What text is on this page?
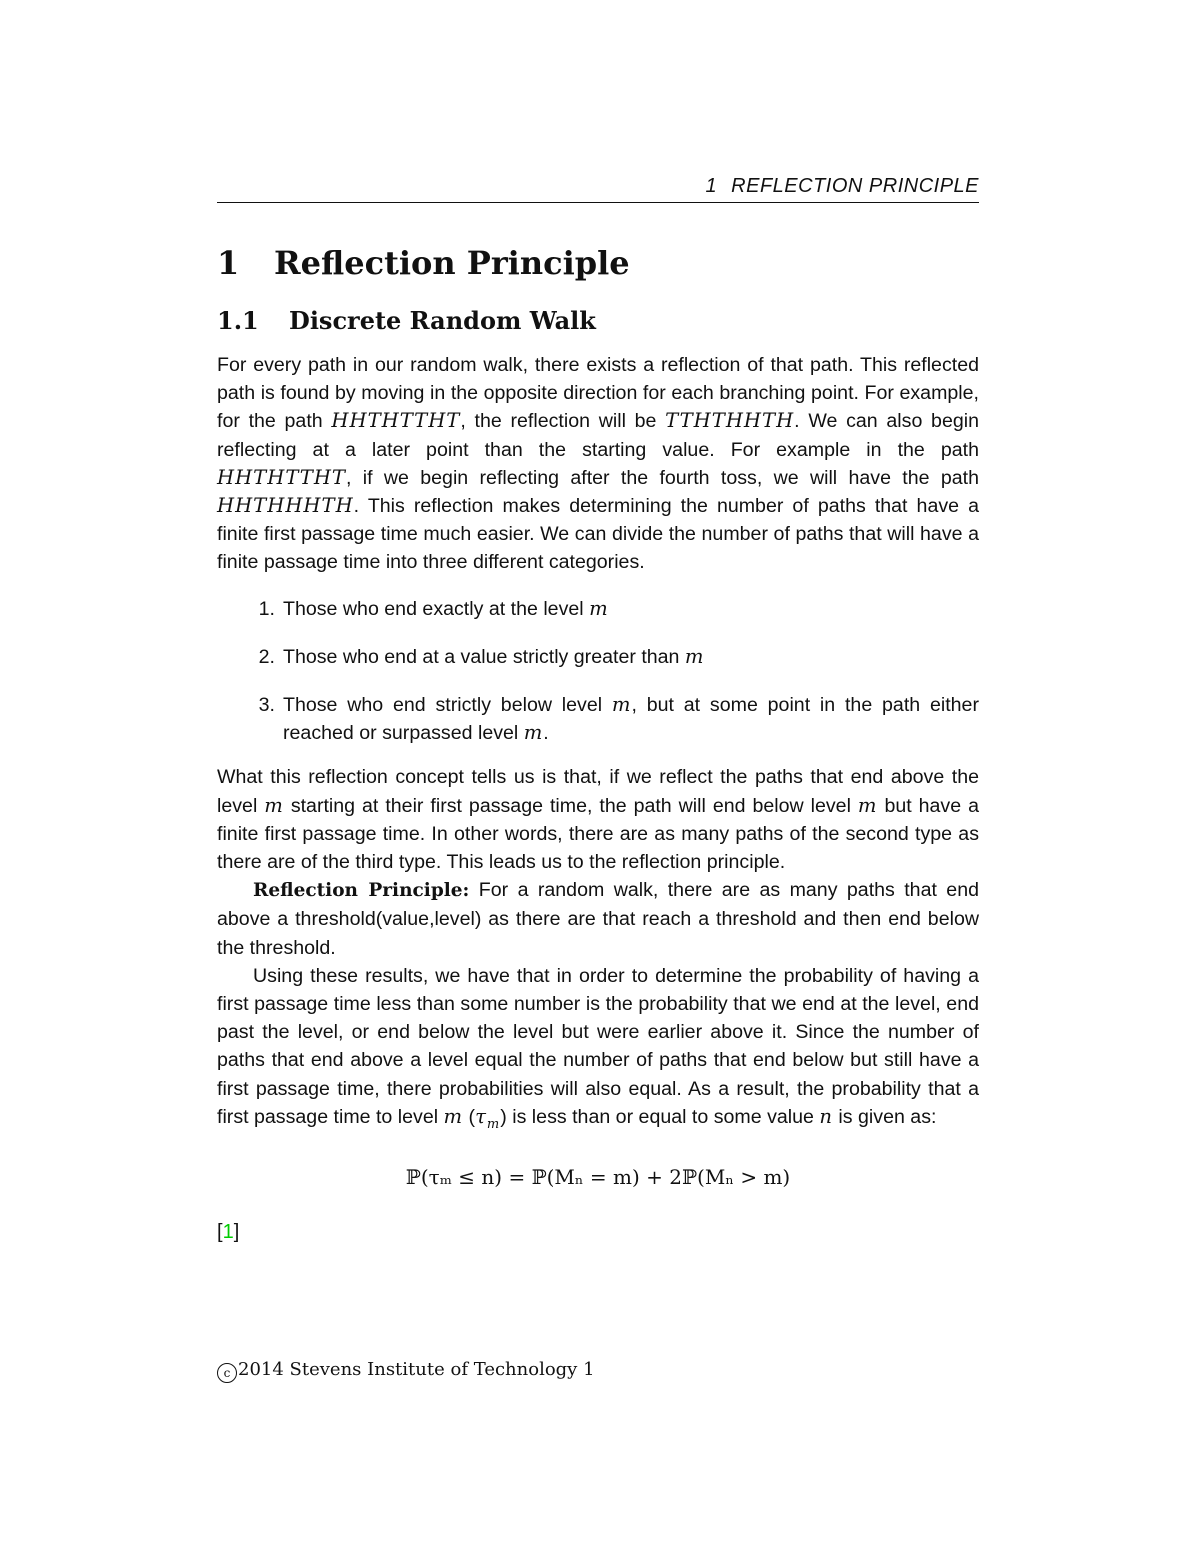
1 REFLECTION PRINCIPLE
1	Reflection Principle
1.1	Discrete Random Walk

For every path in our random walk, there exists a reflection of that path. This reflected path is found by moving in the opposite direction for each branching point. For example, for the path HHTHTTHT, the reflection will be TTHTHHTH. We can also begin reflecting at a later point than the starting value. For example in the path HHTHTTHT, if we begin reflecting after the fourth toss, we will have the path HHTHHHTH. This reflection makes determining the number of paths that have a finite first passage time much easier. We can divide the number of paths that will have a finite passage time into three different categories.

1. Those who end exactly at the level m
2. Those who end at a value strictly greater than m
3. Those who end strictly below level m, but at some point in the path either reached or surpassed level m.

What this reflection concept tells us is that, if we reflect the paths that end above the level m starting at their first passage time, the path will end below level m but have a finite first passage time. In other words, there are as many paths of the second type as there are of the third type. This leads us to the reflection principle.

Reflection Principle: For a random walk, there are as many paths that end above a threshold(value,level) as there are that reach a threshold and then end below the threshold.

Using these results, we have that in order to determine the probability of having a first passage time less than some number is the probability that we end at the level, end past the level, or end below the level but were earlier above it. Since the number of paths that end above a level equal the number of paths that end below but still have a first passage time, there probabilities will also equal. As a result, the probability that a first passage time to level m $(\tau_m)$ is less than or equal to some value n is given as:

ℙ(τₘ ≤ n) = ℙ(Mₙ = m) + 2ℙ(Mₙ > m)
[1]
c 2014 Stevens Institute of Technology 1
